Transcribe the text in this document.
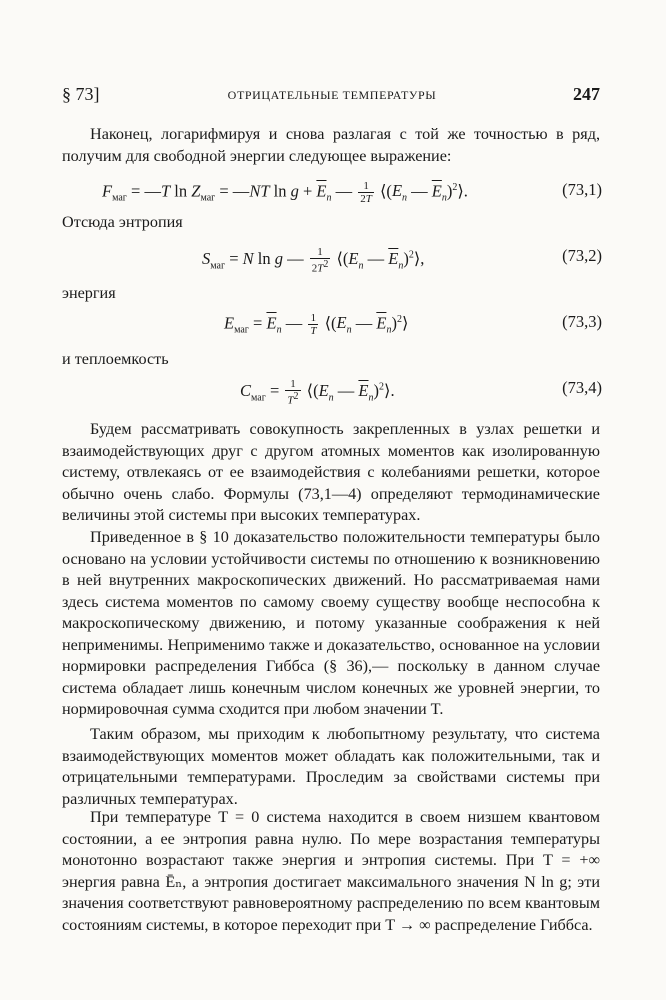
§ 73]	ОТРИЦАТЕЛЬНЫЕ ТЕМПЕРАТУРЫ	247
Наконец, логарифмируя и снова разлагая с той же точностью в ряд, получим для свободной энергии следующее выражение:
$F_{маг}$ = —T $\ln Z_{маг}$ = —NT $\ln g + \overline{E}_n$ — $\frac{1}{2T}$ $⟨(E_n$ — $\overline{E}_n)^2⟩$.	(73,1)
Отсюда энтропия
$S_{маг} = N$ ln g — $\frac{1}{2T^2}$ $⟨(E_n$ — $\overline{E}_n)^2⟩$,	(73,2)
энергия
$E_{маг} = \overline{E}_n$ — $\frac{1}{T}$ $⟨(E_n$ — $\overline{E}_n)^2⟩$	(73,3)
и теплоемкость
$C_{маг} = \frac{1}{T^2}$ $⟨(E_n$ — $\overline{E}_n)^2⟩$.	(73,4)
Будем рассматривать совокупность закрепленных в узлах решетки и взаимодействующих друг с другом атомных моментов как изолированную систему, отвлекаясь от ее взаимодействия с колебаниями решетки, которое обычно очень слабо. Формулы (73,1—4) определяют термодинамические величины этой системы при высоких температурах.
Приведенное в § 10 доказательство положительности температуры было основано на условии устойчивости системы по отношению к возникновению в ней внутренних макроскопических движений. Но рассматриваемая нами здесь система моментов по самому своему существу вообще неспособна к макроскопическому движению, и потому указанные соображения к ней неприменимы. Неприменимо также и доказательство, основанное на условии нормировки распределения Гиббса (§ 36),— поскольку в данном случае система обладает лишь конечным числом конечных же уровней энергии, то нормировочная сумма сходится при любом значении T.
Таким образом, мы приходим к любопытному результату, что система взаимодействующих моментов может обладать как положительными, так и отрицательными температурами. Проследим за свойствами системы при различных температурах.
При температуре T = 0 система находится в своем низшем квантовом состоянии, а ее энтропия равна нулю. По мере возрастания температуры монотонно возрастают также энергия и энтропия системы. При T = +∞ энергия равна Ēₙ, а энтропия достигает максимального значения N ln g; эти значения соответствуют равновероятному распределению по всем квантовым состояниям системы, в которое переходит при T → ∞ распределение Гиббса.
